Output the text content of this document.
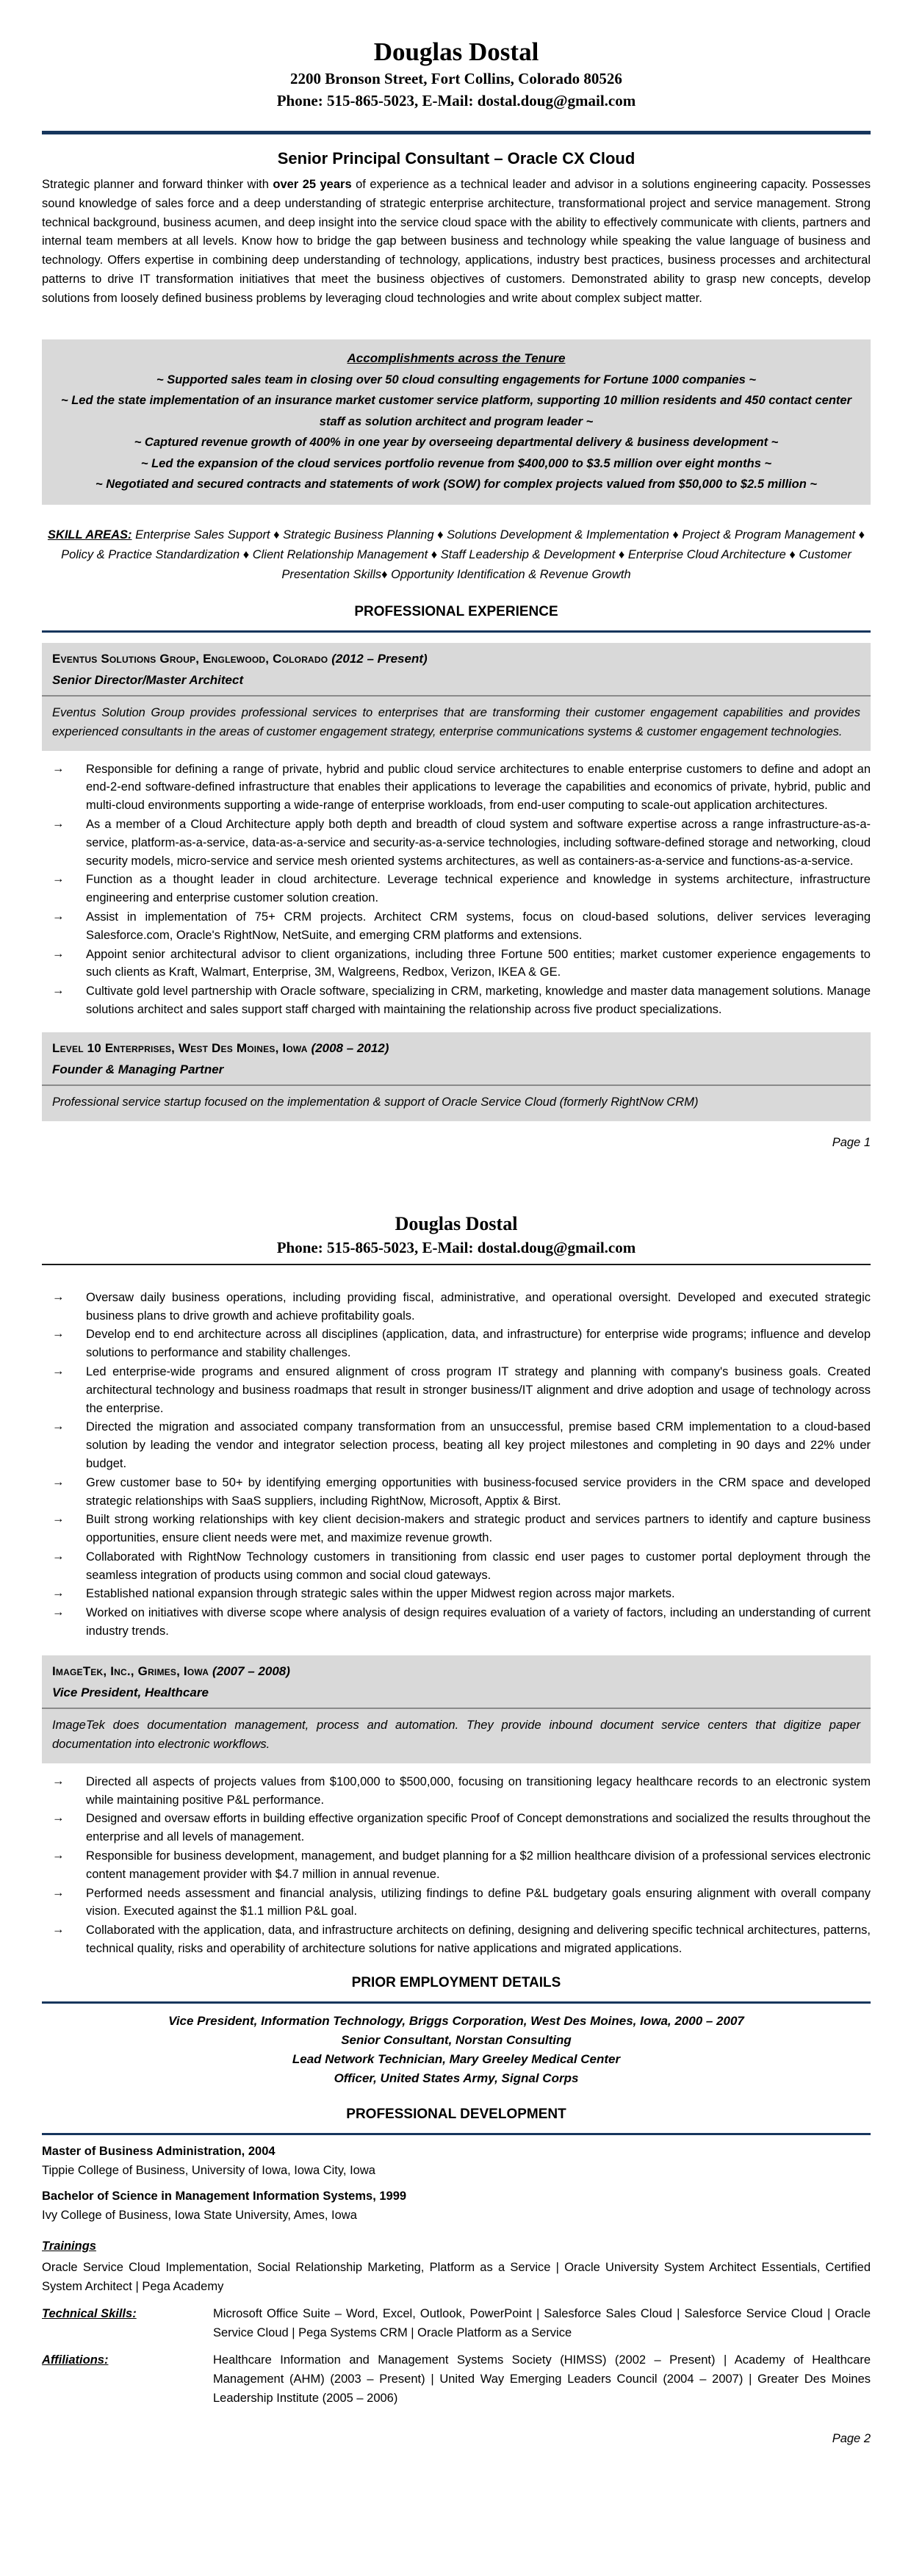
Douglas Dostal
2200 Bronson Street, Fort Collins, Colorado 80526
Phone: 515-865-5023, E-Mail: dostal.doug@gmail.com
Senior Principal Consultant – Oracle CX Cloud

Strategic planner and forward thinker with over 25 years of experience as a technical leader and advisor in a solutions engineering capacity. Possesses sound knowledge of sales force and a deep understanding of strategic enterprise architecture, transformational project and service management. Strong technical background, business acumen, and deep insight into the service cloud space with the ability to effectively communicate with clients, partners and internal team members at all levels. Know how to bridge the gap between business and technology while speaking the value language of business and technology. Offers expertise in combining deep understanding of technology, applications, industry best practices, business processes and architectural patterns to drive IT transformation initiatives that meet the business objectives of customers. Demonstrated ability to grasp new concepts, develop solutions from loosely defined business problems by leveraging cloud technologies and write about complex subject matter.

Accomplishments across the Tenure
~ Supported sales team in closing over 50 cloud consulting engagements for Fortune 1000 companies ~
~ Led the state implementation of an insurance market customer service platform, supporting 10 million residents and 450 contact center staff as solution architect and program leader ~
~ Captured revenue growth of 400% in one year by overseeing departmental delivery & business development ~
~ Led the expansion of the cloud services portfolio revenue from $400,000 to $3.5 million over eight months ~
~ Negotiated and secured contracts and statements of work (SOW) for complex projects valued from $50,000 to $2.5 million ~

SKILL AREAS: Enterprise Sales Support ♦ Strategic Business Planning ♦ Solutions Development & Implementation ♦ Project & Program Management ♦ Policy & Practice Standardization ♦ Client Relationship Management ♦ Staff Leadership & Development ♦ Enterprise Cloud Architecture ♦ Customer Presentation Skills♦ Opportunity Identification & Revenue Growth

PROFESSIONAL EXPERIENCE
Eventus Solutions Group, Englewood, Colorado (2012 – Present)
Senior Director/Master Architect
Eventus Solution Group provides professional services to enterprises that are transforming their customer engagement capabilities and provides experienced consultants in the areas of customer engagement strategy, enterprise communications systems & customer engagement technologies.
→ Responsible for defining a range of private, hybrid and public cloud service architectures to enable enterprise customers to define and adopt an end-2-end software-defined infrastructure that enables their applications to leverage the capabilities and economics of private, hybrid, public and multi-cloud environments supporting a wide-range of enterprise workloads, from end-user computing to scale-out application architectures.
→ As a member of a Cloud Architecture apply both depth and breadth of cloud system and software expertise across a range infrastructure-as-a-service, platform-as-a-service, data-as-a-service and security-as-a-service technologies, including software-defined storage and networking, cloud security models, micro-service and service mesh oriented systems architectures, as well as containers-as-a-service and functions-as-a-service.
→ Function as a thought leader in cloud architecture. Leverage technical experience and knowledge in systems architecture, infrastructure engineering and enterprise customer solution creation.
→ Assist in implementation of 75+ CRM projects. Architect CRM systems, focus on cloud-based solutions, deliver services leveraging Salesforce.com, Oracle's RightNow, NetSuite, and emerging CRM platforms and extensions.
→ Appoint senior architectural advisor to client organizations, including three Fortune 500 entities; market customer experience engagements to such clients as Kraft, Walmart, Enterprise, 3M, Walgreens, Redbox, Verizon, IKEA & GE.
→ Cultivate gold level partnership with Oracle software, specializing in CRM, marketing, knowledge and master data management solutions. Manage solutions architect and sales support staff charged with maintaining the relationship across five product specializations.
Level 10 Enterprises, West Des Moines, Iowa (2008 – 2012)
Founder & Managing Partner
Professional service startup focused on the implementation & support of Oracle Service Cloud (formerly RightNow CRM)
Page 1
Douglas Dostal
Phone: 515-865-5023, E-Mail: dostal.doug@gmail.com
→ Oversaw daily business operations, including providing fiscal, administrative, and operational oversight. Developed and executed strategic business plans to drive growth and achieve profitability goals.
→ Develop end to end architecture across all disciplines (application, data, and infrastructure) for enterprise wide programs; influence and develop solutions to performance and stability challenges.
→ Led enterprise-wide programs and ensured alignment of cross program IT strategy and planning with company's business goals. Created architectural technology and business roadmaps that result in stronger business/IT alignment and drive adoption and usage of technology across the enterprise.
→ Directed the migration and associated company transformation from an unsuccessful, premise based CRM implementation to a cloud-based solution by leading the vendor and integrator selection process, beating all key project milestones and completing in 90 days and 22% under budget.
→ Grew customer base to 50+ by identifying emerging opportunities with business-focused service providers in the CRM space and developed strategic relationships with SaaS suppliers, including RightNow, Microsoft, Apptix & Birst.
→ Built strong working relationships with key client decision-makers and strategic product and services partners to identify and capture business opportunities, ensure client needs were met, and maximize revenue growth.
→ Collaborated with RightNow Technology customers in transitioning from classic end user pages to customer portal deployment through the seamless integration of products using common and social cloud gateways.
→ Established national expansion through strategic sales within the upper Midwest region across major markets.
→ Worked on initiatives with diverse scope where analysis of design requires evaluation of a variety of factors, including an understanding of current industry trends.
ImageTek, Inc., Grimes, Iowa (2007 – 2008)
Vice President, Healthcare
ImageTek does documentation management, process and automation. They provide inbound document service centers that digitize paper documentation into electronic workflows.
→ Directed all aspects of projects values from $100,000 to $500,000, focusing on transitioning legacy healthcare records to an electronic system while maintaining positive P&L performance.
→ Designed and oversaw efforts in building effective organization specific Proof of Concept demonstrations and socialized the results throughout the enterprise and all levels of management.
→ Responsible for business development, management, and budget planning for a $2 million healthcare division of a professional services electronic content management provider with $4.7 million in annual revenue.
→ Performed needs assessment and financial analysis, utilizing findings to define P&L budgetary goals ensuring alignment with overall company vision. Executed against the $1.1 million P&L goal.
→ Collaborated with the application, data, and infrastructure architects on defining, designing and delivering specific technical architectures, patterns, technical quality, risks and operability of architecture solutions for native applications and migrated applications.
PRIOR EMPLOYMENT DETAILS
Vice President, Information Technology, Briggs Corporation, West Des Moines, Iowa, 2000 – 2007
Senior Consultant, Norstan Consulting
Lead Network Technician, Mary Greeley Medical Center
Officer, United States Army, Signal Corps
PROFESSIONAL DEVELOPMENT
Master of Business Administration, 2004
Tippie College of Business, University of Iowa, Iowa City, Iowa
Bachelor of Science in Management Information Systems, 1999
Ivy College of Business, Iowa State University, Ames, Iowa
Trainings
Oracle Service Cloud Implementation, Social Relationship Marketing, Platform as a Service | Oracle University System Architect Essentials, Certified System Architect | Pega Academy
Technical Skills:	Microsoft Office Suite – Word, Excel, Outlook, PowerPoint | Salesforce Sales Cloud | Salesforce Service Cloud | Oracle Service Cloud | Pega Systems CRM | Oracle Platform as a Service
Affiliations:	Healthcare Information and Management Systems Society (HIMSS) (2002 – Present) | Academy of Healthcare Management (AHM) (2003 – Present) | United Way Emerging Leaders Council (2004 – 2007) | Greater Des Moines Leadership Institute (2005 – 2006)
Page 2
